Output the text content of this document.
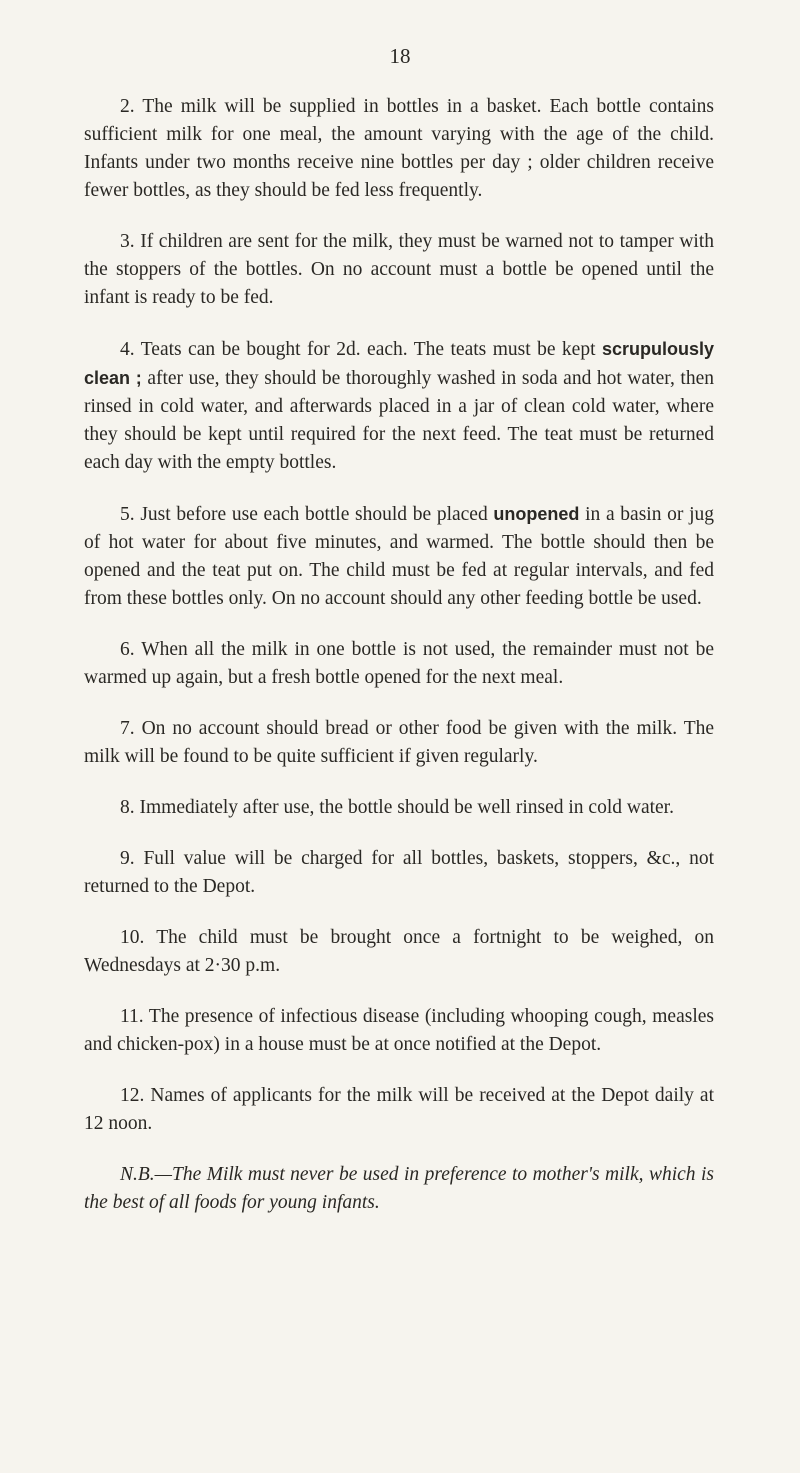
18

2. The milk will be supplied in bottles in a basket. Each bottle contains sufficient milk for one meal, the amount varying with the age of the child. Infants under two months receive nine bottles per day ; older children receive fewer bottles, as they should be fed less frequently.

3. If children are sent for the milk, they must be warned not to tamper with the stoppers of the bottles. On no account must a bottle be opened until the infant is ready to be fed.

4. Teats can be bought for 2d. each. The teats must be kept scrupulously clean ; after use, they should be thoroughly washed in soda and hot water, then rinsed in cold water, and afterwards placed in a jar of clean cold water, where they should be kept until required for the next feed. The teat must be returned each day with the empty bottles.

5. Just before use each bottle should be placed unopened in a basin or jug of hot water for about five minutes, and warmed. The bottle should then be opened and the teat put on. The child must be fed at regular intervals, and fed from these bottles only. On no account should any other feeding bottle be used.

6. When all the milk in one bottle is not used, the remainder must not be warmed up again, but a fresh bottle opened for the next meal.

7. On no account should bread or other food be given with the milk. The milk will be found to be quite sufficient if given regularly.

8. Immediately after use, the bottle should be well rinsed in cold water.

9. Full value will be charged for all bottles, baskets, stoppers, &c., not returned to the Depot.

10. The child must be brought once a fortnight to be weighed, on Wednesdays at 2·30 p.m.

11. The presence of infectious disease (including whooping cough, measles and chicken-pox) in a house must be at once notified at the Depot.

12. Names of applicants for the milk will be received at the Depot daily at 12 noon.

N.B.—The Milk must never be used in preference to mother's milk, which is the best of all foods for young infants.
